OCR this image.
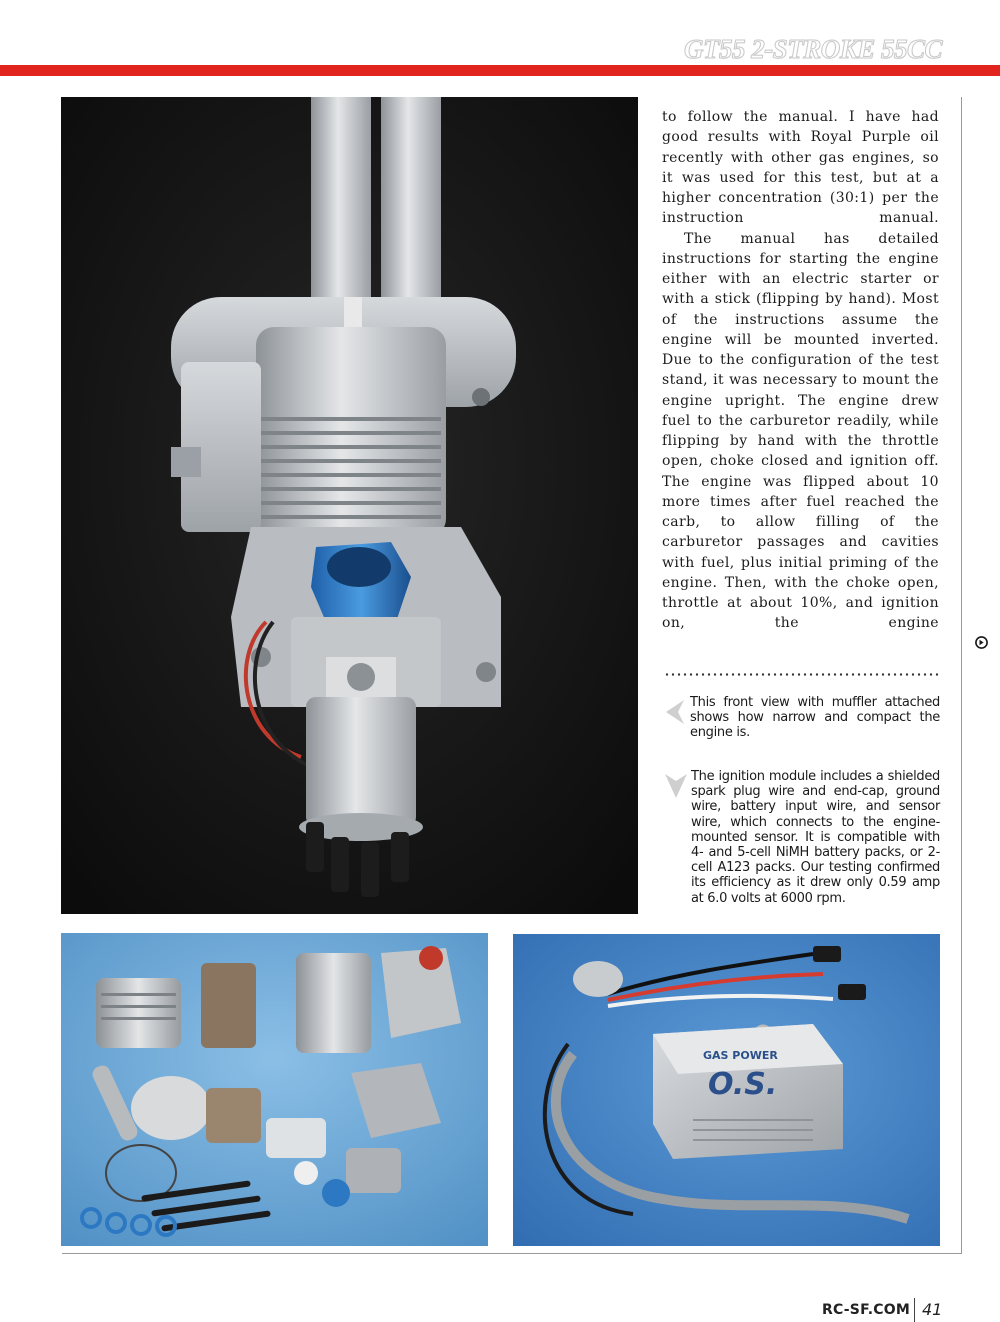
GT55 2-STROKE 55CC

to follow the manual. I have had good results with Royal Purple oil recently with other gas engines, so it was used for this test, but at a higher concentration (30:1) per the instruction manual.

The manual has detailed instructions for starting the engine either with an electric starter or with a stick (flipping by hand). Most of the instructions assume the engine will be mounted inverted. Due to the configuration of the test stand, it was necessary to mount the engine upright. The engine drew fuel to the carburetor readily, while flipping by hand with the throttle open, choke closed and ignition off. The engine was flipped about 10 more times after fuel reached the carb, to allow filling of the carburetor passages and cavities with fuel, plus initial priming of the engine. Then, with the choke open, throttle at about 10%, and ignition on, the engine

This front view with muffler attached shows how narrow and compact the engine is.

The ignition module includes a shielded spark plug wire and end-cap, ground wire, battery input wire, and sensor wire, which connects to the engine-mounted sensor. It is compatible with 4- and 5-cell NiMH battery packs, or 2-cell A123 packs. Our testing confirmed its efficiency as it drew only 0.59 amp at 6.0 volts at 6000 rpm.

GAS POWER
O.S.
RC-SF.COM 41
